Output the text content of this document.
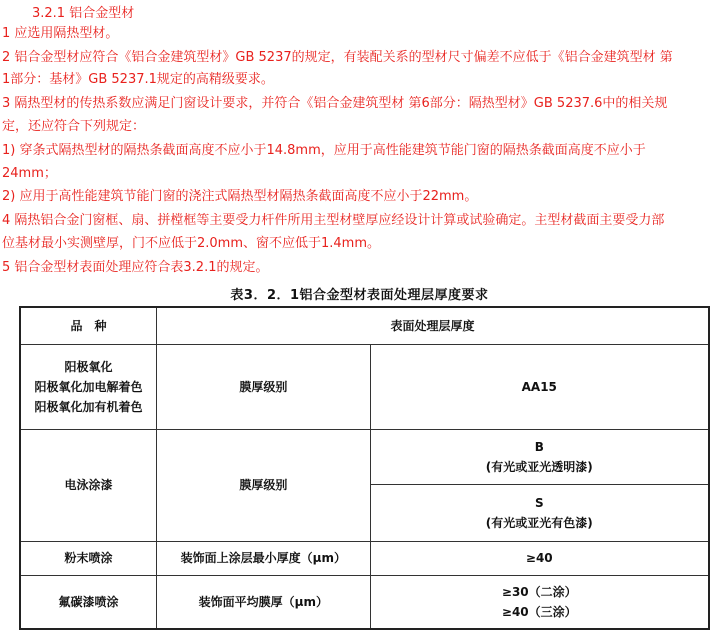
3.2.1 铝合金型材
1 应选用隔热型材。
2 铝合金型材应符合《铝合金建筑型材》GB 5237的规定，有装配关系的型材尺寸偏差不应低于《铝合金建筑型材 第
1部分：基材》GB 5237.1规定的高精级要求。
3 隔热型材的传热系数应满足门窗设计要求，并符合《铝合金建筑型材 第6部分：隔热型材》GB 5237.6中的相关规
定，还应符合下列规定：
1) 穿条式隔热型材的隔热条截面高度不应小于14.8mm，应用于高性能建筑节能门窗的隔热条截面高度不应小于
24mm；
2) 应用于高性能建筑节能门窗的浇注式隔热型材隔热条截面高度不应小于22mm。
4 隔热铝合金门窗框、扇、拼樘框等主要受力杆件所用主型材壁厚应经设计计算或试验确定。主型材截面主要受力部
位基材最小实测壁厚，门不应低于2.0mm、窗不应低于1.4mm。
5 铝合金型材表面处理应符合表3.2.1的规定。
表3．2．1铝合金型材表面处理层厚度要求
品　种	表面处理层厚度	

阳极氧化
阳极氧化加电解着色
阳极氧化加有机着色	膜厚级别	AA15
电泳涂漆	膜厚级别	B
(有光或亚光透明漆)

		S
(有光或亚光有色漆)

粉末喷涂	装饰面上涂层最小厚度（μm）	≥40
氟碳漆喷涂	装饰面平均膜厚（μm）	≥30（二涂）
≥40（三涂）
